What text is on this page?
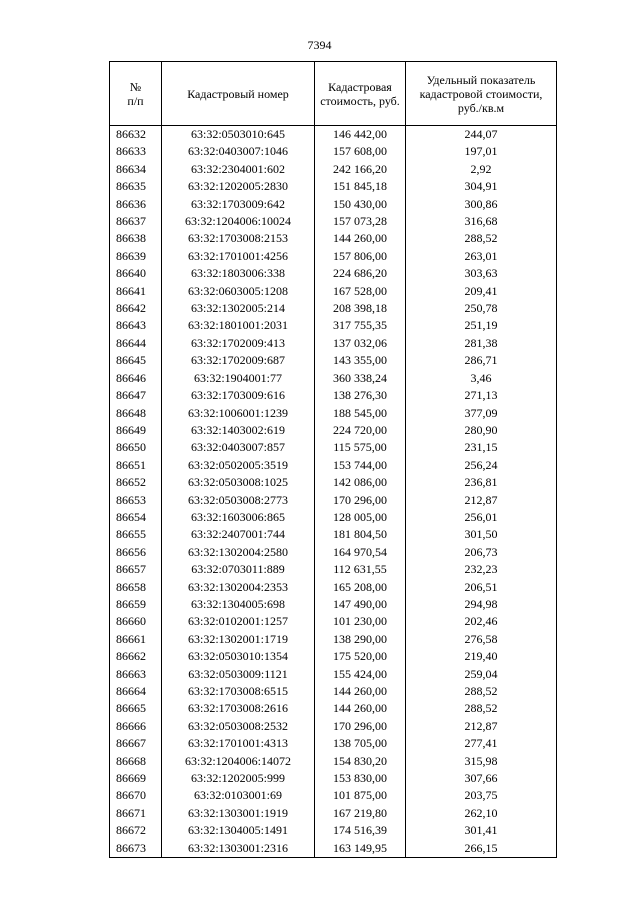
7394
№
п/п	Кадастровый номер	Кадастровая стоимость, руб.	Удельный показатель кадастровой стоимости, руб./кв.м
86632	63:32:0503010:645	146 442,00	244,07
86633	63:32:0403007:1046	157 608,00	197,01
86634	63:32:2304001:602	242 166,20	2,92
86635	63:32:1202005:2830	151 845,18	304,91
86636	63:32:1703009:642	150 430,00	300,86
86637	63:32:1204006:10024	157 073,28	316,68
86638	63:32:1703008:2153	144 260,00	288,52
86639	63:32:1701001:4256	157 806,00	263,01
86640	63:32:1803006:338	224 686,20	303,63
86641	63:32:0603005:1208	167 528,00	209,41
86642	63:32:1302005:214	208 398,18	250,78
86643	63:32:1801001:2031	317 755,35	251,19
86644	63:32:1702009:413	137 032,06	281,38
86645	63:32:1702009:687	143 355,00	286,71
86646	63:32:1904001:77	360 338,24	3,46
86647	63:32:1703009:616	138 276,30	271,13
86648	63:32:1006001:1239	188 545,00	377,09
86649	63:32:1403002:619	224 720,00	280,90
86650	63:32:0403007:857	115 575,00	231,15
86651	63:32:0502005:3519	153 744,00	256,24
86652	63:32:0503008:1025	142 086,00	236,81
86653	63:32:0503008:2773	170 296,00	212,87
86654	63:32:1603006:865	128 005,00	256,01
86655	63:32:2407001:744	181 804,50	301,50
86656	63:32:1302004:2580	164 970,54	206,73
86657	63:32:0703011:889	112 631,55	232,23
86658	63:32:1302004:2353	165 208,00	206,51
86659	63:32:1304005:698	147 490,00	294,98
86660	63:32:0102001:1257	101 230,00	202,46
86661	63:32:1302001:1719	138 290,00	276,58
86662	63:32:0503010:1354	175 520,00	219,40
86663	63:32:0503009:1121	155 424,00	259,04
86664	63:32:1703008:6515	144 260,00	288,52
86665	63:32:1703008:2616	144 260,00	288,52
86666	63:32:0503008:2532	170 296,00	212,87
86667	63:32:1701001:4313	138 705,00	277,41
86668	63:32:1204006:14072	154 830,20	315,98
86669	63:32:1202005:999	153 830,00	307,66
86670	63:32:0103001:69	101 875,00	203,75
86671	63:32:1303001:1919	167 219,80	262,10
86672	63:32:1304005:1491	174 516,39	301,41
86673	63:32:1303001:2316	163 149,95	266,15
